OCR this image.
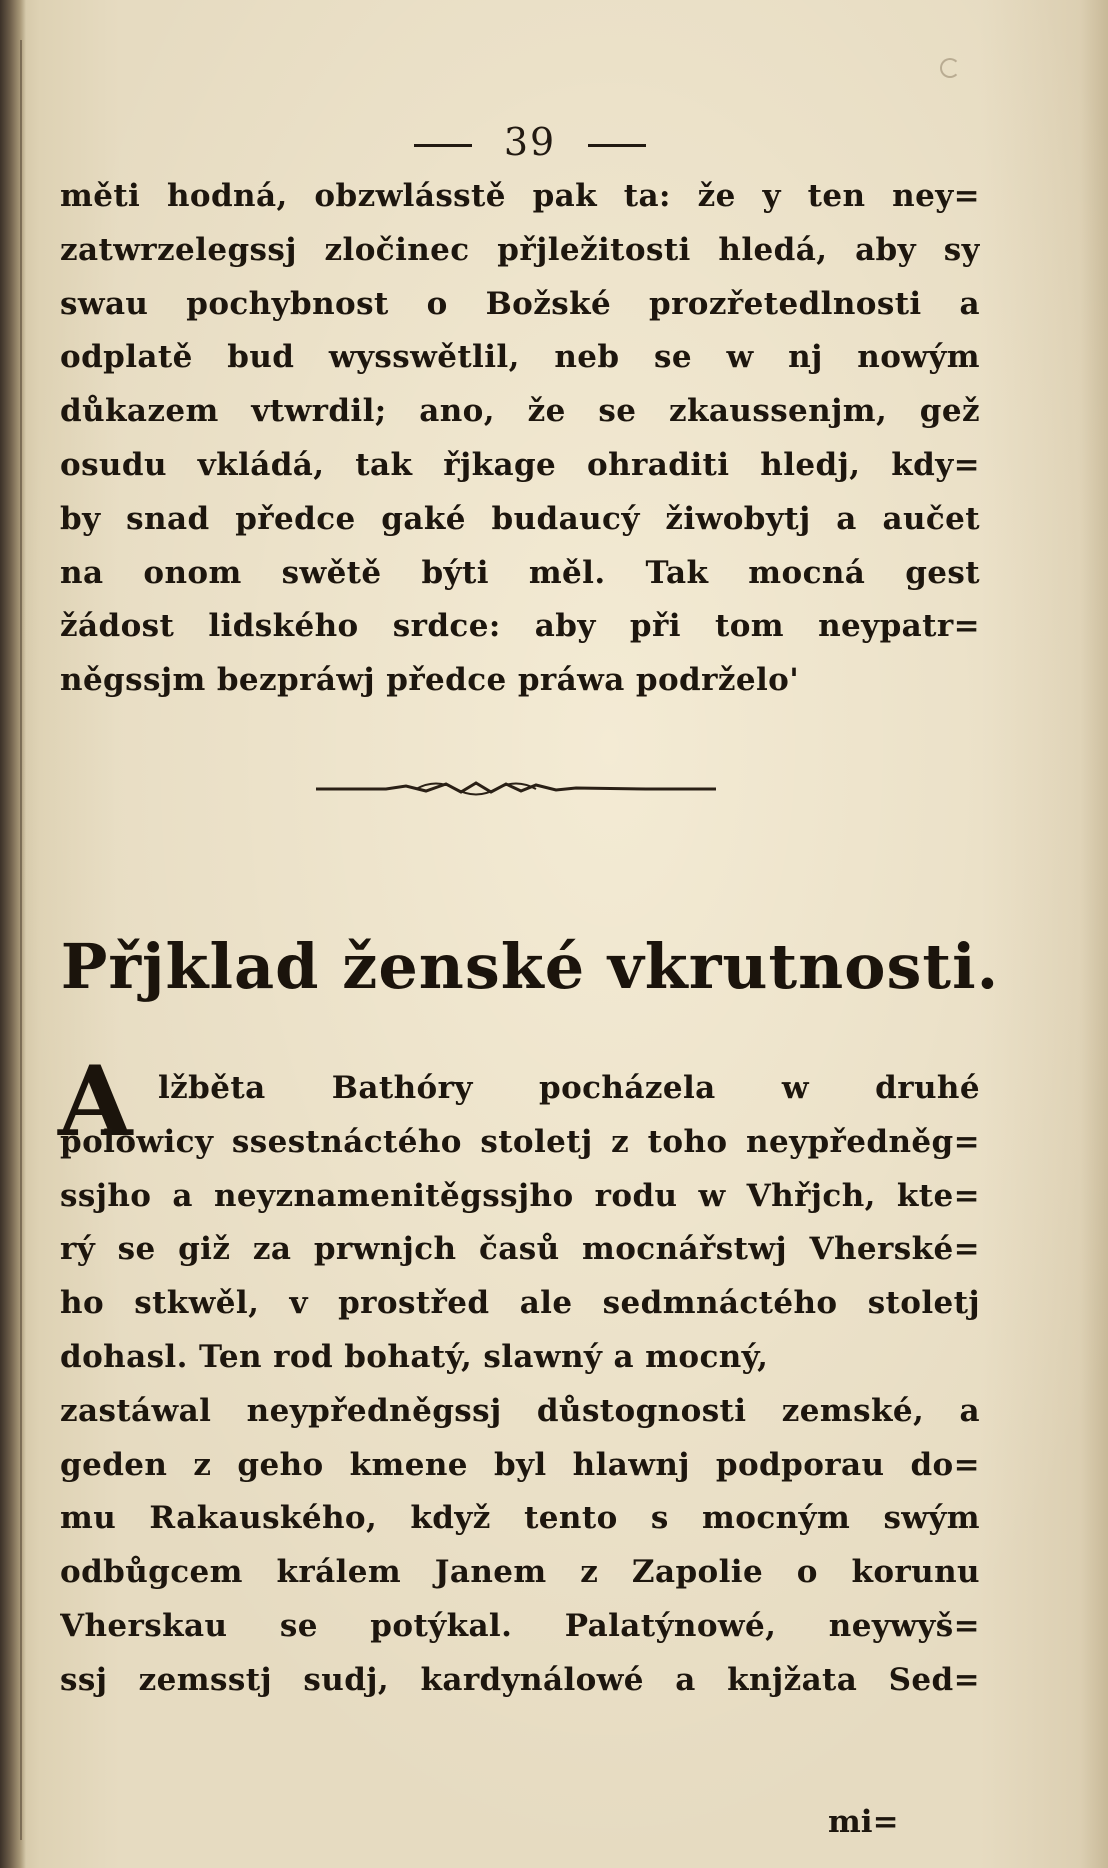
39
měti hodná, obzwlásstě pak ta: že y ten ney=
zatwrzelegssj zločinec přjležitosti hledá, aby sy
swau pochybnost o Božské prozřetedlnosti a
odplatě bud wysswětlil, neb se w nj nowým
důkazem vtwrdil; ano, že se zkaussenjm, gež
osudu vkládá, tak řjkage ohraditi hledj, kdy=
by snad předce gaké budaucý žiwobytj a aučet
na onom swětě býti měl. Tak mocná gest
žádost lidského srdce: aby při tom neypatr=
něgssjm bezpráwj předce práwa podrželo'
Přjklad ženské vkrutnosti.
A lžběta Bathóry pocházela w druhé
polowicy ssestnáctého stoletj z toho neypředněg=
ssjho a neyznamenitěgssjho rodu w Vhřjch, kte=
rý se giž za prwnjch časů mocnářstwj Vherské=
ho stkwěl, v prostřed ale sedmnáctého stoletj
dohasl. Ten rod bohatý, slawný a mocný,
zastáwal neypředněgssj důstognosti zemské, a
geden z geho kmene byl hlawnj podporau do=
mu Rakauského, když tento s mocným swým
odbůgcem králem Janem z Zapolie o korunu
Vherskau se potýkal. Palatýnowé, neywyš=
ssj zemsstj sudj, kardynálowé a knjžata Sed=
mi=
